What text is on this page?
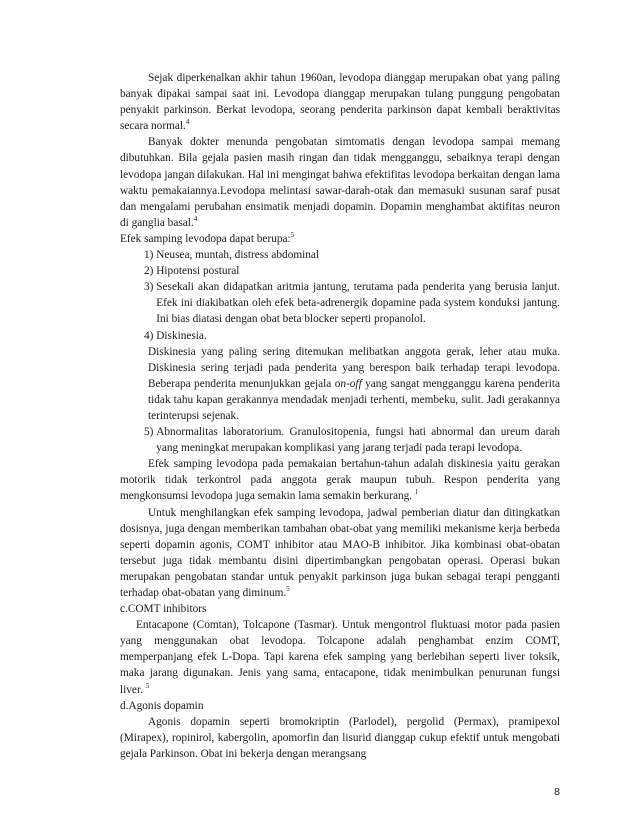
Sejak diperkenalkan akhir tahun 1960an, levodopa dianggap merupakan obat yang paling banyak dipakai sampai saat ini. Levodopa dianggap merupakan tulang punggung pengobatan penyakit parkinson. Berkat levodopa, seorang penderita parkinson dapat kembali beraktivitas secara normal.$^4$

Banyak dokter menunda pengobatan simtomatis dengan levodopa sampai memang dibutuhkan. Bila gejala pasien masih ringan dan tidak mengganggu, sebaiknya terapi dengan levodopa jangan dilakukan. Hal ini mengingat bahwa efektifitas levodopa berkaitan dengan lama waktu pemakaiannya.Levodopa melintasi sawar-darah-otak dan memasuki susunan saraf pusat dan mengalami perubahan ensimatik menjadi dopamin. Dopamin menghambat aktifitas neuron di ganglia basal.$^4$

Efek samping levodopa dapat berupa:$^5$

1) Neusea, muntah, distress abdominal
2) Hipotensi postural
3) Sesekali akan didapatkan aritmia jantung, terutama pada penderita yang berusia lanjut. Efek ini diakibatkan oleh efek beta-adrenergik dopamine pada system konduksi jantung. Ini bias diatasi dengan obat beta blocker seperti propanolol.
4) Diskinesia.

Diskinesia yang paling sering ditemukan melibatkan anggota gerak, leher atau muka. Diskinesia sering terjadi pada penderita yang berespon baik terhadap terapi levodopa. Beberapa penderita menunjukkan gejala on-off yang sangat mengganggu karena penderita tidak tahu kapan gerakannya mendadak menjadi terhenti, membeku, sulit. Jadi gerakannya terinterupsi sejenak.

5) Abnormalitas laboratorium. Granulositopenia, fungsi hati abnormal dan ureum darah yang meningkat merupakan komplikasi yang jarang terjadi pada terapi levodopa.

Efek samping levodopa pada pemakaian bertahun-tahun adalah diskinesia yaitu gerakan motorik tidak terkontrol pada anggota gerak maupun tubuh. Respon penderita yang mengkonsumsi levodopa juga semakin lama semakin berkurang. $^1$

Untuk menghilangkan efek samping levodopa, jadwal pemberian diatur dan ditingkatkan dosisnya, juga dengan memberikan tambahan obat-obat yang memiliki mekanisme kerja berbeda seperti dopamin agonis, COMT inhibitor atau MAO-B inhibitor. Jika kombinasi obat-obatan tersebut juga tidak membantu disini dipertimbangkan pengobatan operasi. Operasi bukan merupakan pengobatan standar untuk penyakit parkinson juga bukan sebagai terapi pengganti terhadap obat-obatan yang diminum.$^5$

c.COMT inhibitors

Entacapone (Comtan), Tolcapone (Tasmar). Untuk mengontrol fluktuasi motor pada pasien yang menggunakan obat levodopa. Tolcapone adalah penghambat enzim COMT, memperpanjang efek L-Dopa. Tapi karena efek samping yang berlebihan seperti liver toksik, maka jarang digunakan. Jenis yang sama, entacapone, tidak menimbulkan penurunan fungsi liver. $^5$

d.Agonis dopamin

Agonis dopamin seperti bromokriptin (Parlodel), pergolid (Permax), pramipexol (Mirapex), ropinirol, kabergolin, apomorfin dan lisurid dianggap cukup efektif untuk mengobati gejala Parkinson. Obat ini bekerja dengan merangsang

8
